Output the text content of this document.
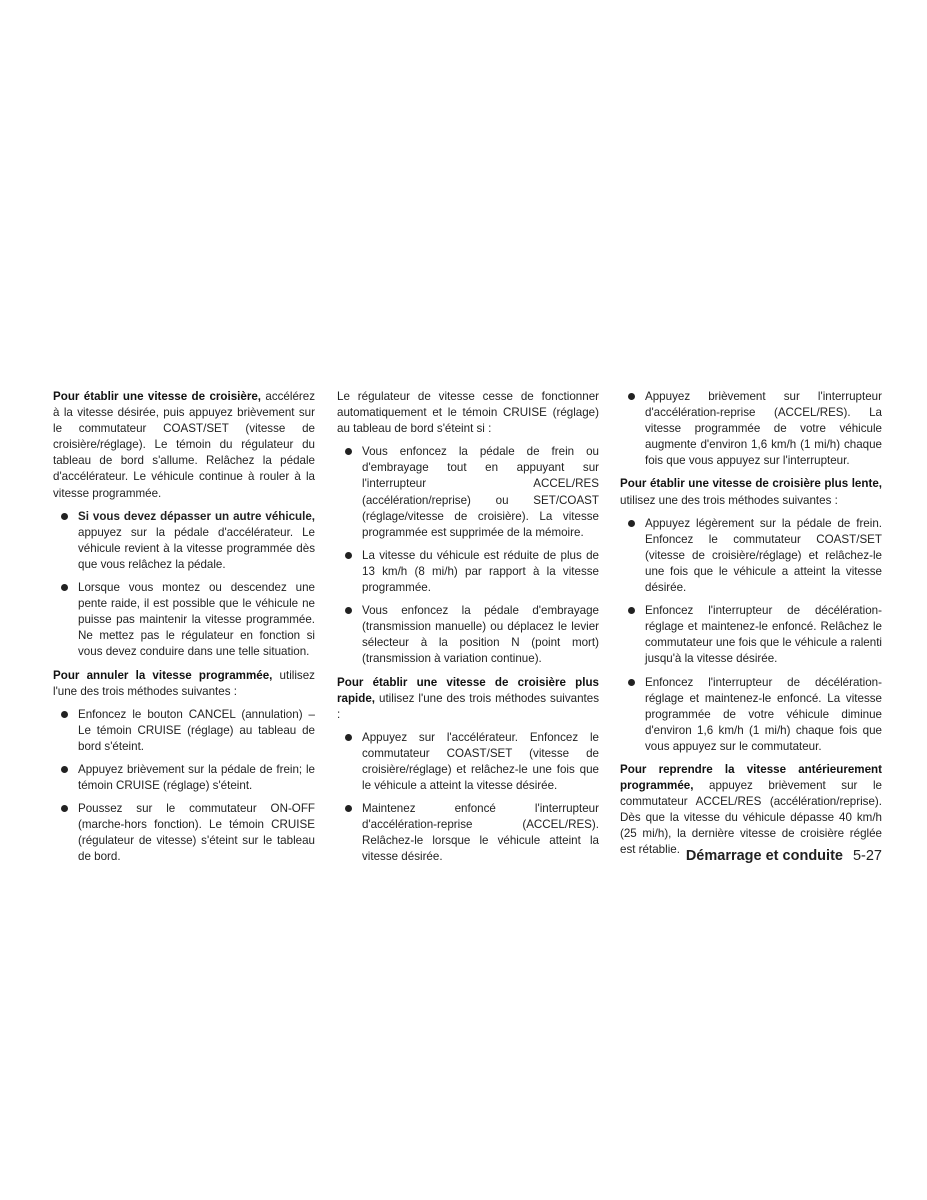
Pour établir une vitesse de croisière, accélérez à la vitesse désirée, puis appuyez brièvement sur le commutateur COAST/SET (vitesse de croisière/réglage). Le témoin du régulateur du tableau de bord s'allume. Relâchez la pédale d'accélérateur. Le véhicule continue à rouler à la vitesse programmée.

Si vous devez dépasser un autre véhicule, appuyez sur la pédale d'accélérateur. Le véhicule revient à la vitesse programmée dès que vous relâchez la pédale.
Lorsque vous montez ou descendez une pente raide, il est possible que le véhicule ne puisse pas maintenir la vitesse programmée. Ne mettez pas le régulateur en fonction si vous devez conduire dans une telle situation.

Pour annuler la vitesse programmée, utilisez l'une des trois méthodes suivantes :

Enfoncez le bouton CANCEL (annulation) – Le témoin CRUISE (réglage) au tableau de bord s'éteint.
Appuyez brièvement sur la pédale de frein; le témoin CRUISE (réglage) s'éteint.
Poussez sur le commutateur ON-OFF (marche-hors fonction). Le témoin CRUISE (régulateur de vitesse) s'éteint sur le tableau de bord.

Le régulateur de vitesse cesse de fonctionner automatiquement et le témoin CRUISE (réglage) au tableau de bord s'éteint si :

Vous enfoncez la pédale de frein ou d'embrayage tout en appuyant sur l'interrupteur ACCEL/RES (accélération/reprise) ou SET/COAST (réglage/vitesse de croisière). La vitesse programmée est supprimée de la mémoire.
La vitesse du véhicule est réduite de plus de 13 km/h (8 mi/h) par rapport à la vitesse programmée.
Vous enfoncez la pédale d'embrayage (transmission manuelle) ou déplacez le levier sélecteur à la position N (point mort) (transmission à variation continue).

Pour établir une vitesse de croisière plus rapide, utilisez l'une des trois méthodes suivantes :

Appuyez sur l'accélérateur. Enfoncez le commutateur COAST/SET (vitesse de croisière/réglage) et relâchez-le une fois que le véhicule a atteint la vitesse désirée.
Maintenez enfoncé l'interrupteur d'accélération-reprise (ACCEL/RES). Relâchez-le lorsque le véhicule atteint la vitesse désirée.
Appuyez brièvement sur l'interrupteur d'accélération-reprise (ACCEL/RES). La vitesse programmée de votre véhicule augmente d'environ 1,6 km/h (1 mi/h) chaque fois que vous appuyez sur l'interrupteur.

Pour établir une vitesse de croisière plus lente, utilisez une des trois méthodes suivantes :

Appuyez légèrement sur la pédale de frein. Enfoncez le commutateur COAST/SET (vitesse de croisière/réglage) et relâchez-le une fois que le véhicule a atteint la vitesse désirée.
Enfoncez l'interrupteur de décélération-réglage et maintenez-le enfoncé. Relâchez le commutateur une fois que le véhicule a ralenti jusqu'à la vitesse désirée.
Enfoncez l'interrupteur de décélération-réglage et maintenez-le enfoncé. La vitesse programmée de votre véhicule diminue d'environ 1,6 km/h (1 mi/h) chaque fois que vous appuyez sur le commutateur.

Pour reprendre la vitesse antérieurement programmée, appuyez brièvement sur le commutateur ACCEL/RES (accélération/reprise). Dès que la vitesse du véhicule dépasse 40 km/h (25 mi/h), la dernière vitesse de croisière réglée est rétablie. Démarrage et conduite 5-27
